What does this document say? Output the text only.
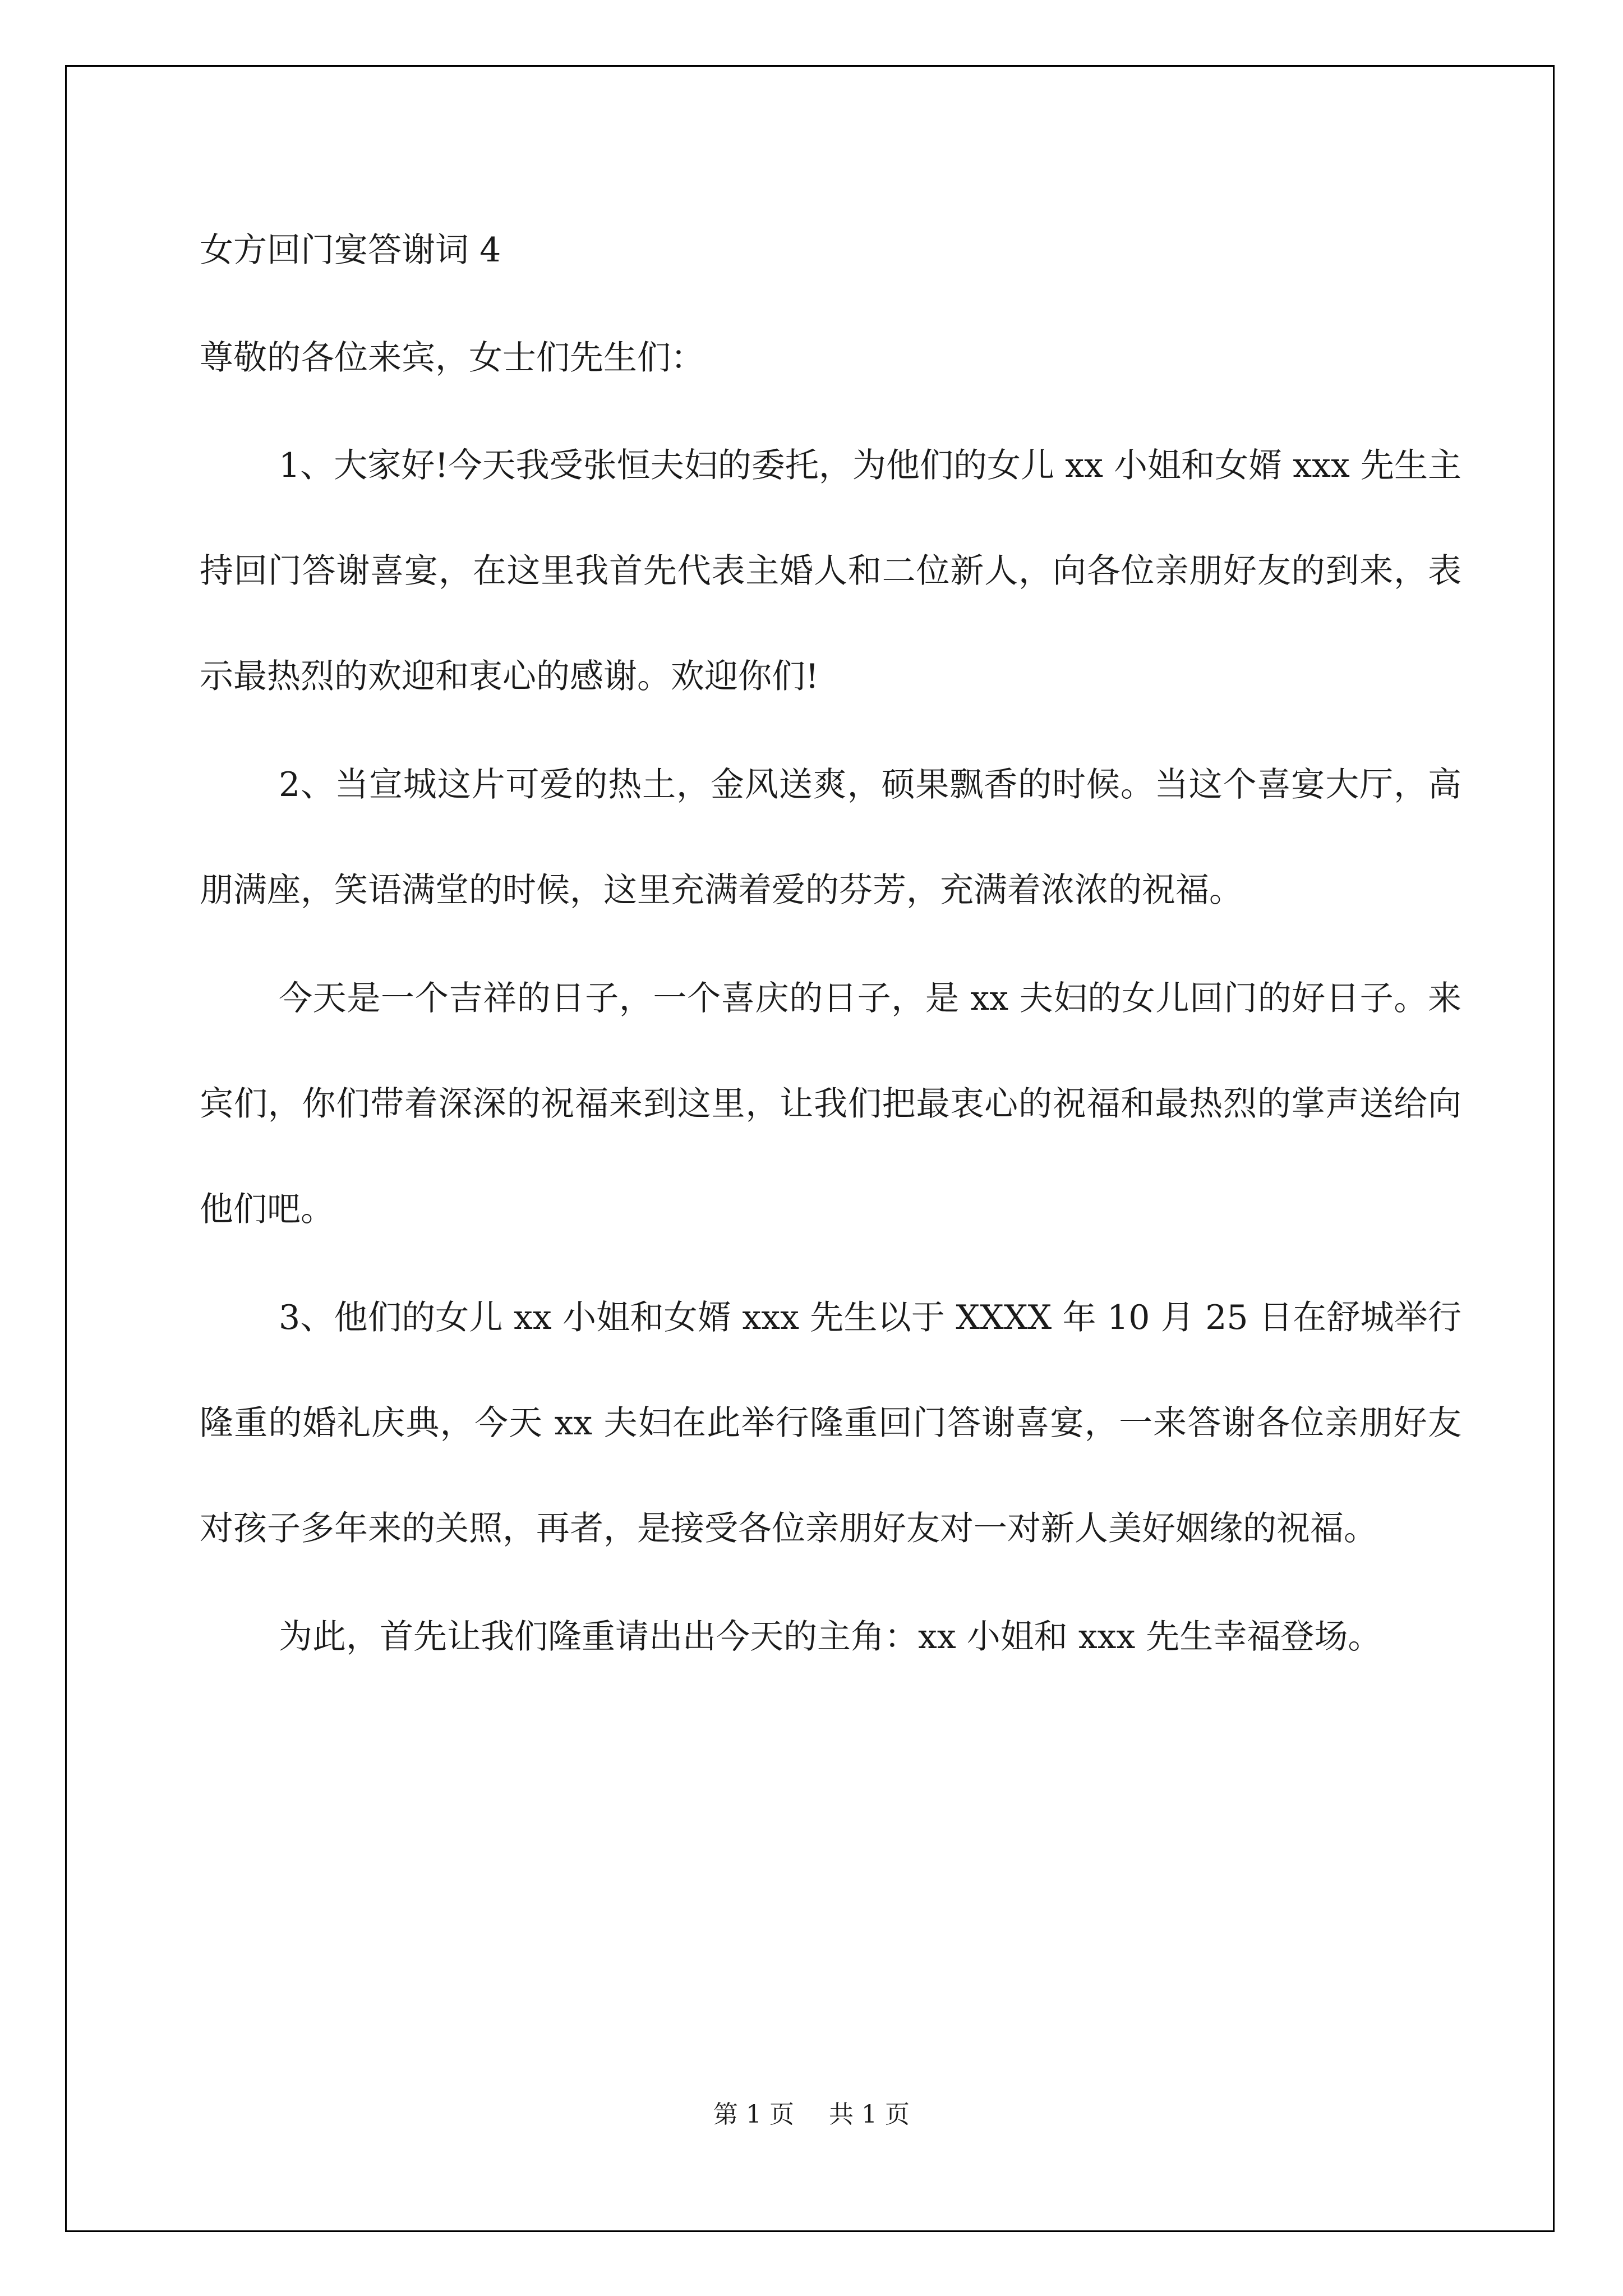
女方回门宴答谢词 4

尊敬的各位来宾，女士们先生们：

1、大家好!今天我受张恒夫妇的委托，为他们的女儿 xx 小姐和女婿 xxx 先生主持回门答谢喜宴，在这里我首先代表主婚人和二位新人，向各位亲朋好友的到来，表示最热烈的欢迎和衷心的感谢。欢迎你们!

2、当宣城这片可爱的热土，金风送爽，硕果飘香的时候。当这个喜宴大厅，高朋满座，笑语满堂的时候，这里充满着爱的芬芳，充满着浓浓的祝福。

今天是一个吉祥的日子，一个喜庆的日子，是 xx 夫妇的女儿回门的好日子。来宾们，你们带着深深的祝福来到这里，让我们把最衷心的祝福和最热烈的掌声送给向他们吧。

3、他们的女儿 xx 小姐和女婿 xxx 先生以于 XXXX 年 10 月 25 日在舒城举行隆重的婚礼庆典，今天 xx 夫妇在此举行隆重回门答谢喜宴，一来答谢各位亲朋好友对孩子多年来的关照，再者，是接受各位亲朋好友对一对新人美好姻缘的祝福。

为此，首先让我们隆重请出出今天的主角：xx 小姐和 xxx 先生幸福登场。

第 1 页 共 1 页
